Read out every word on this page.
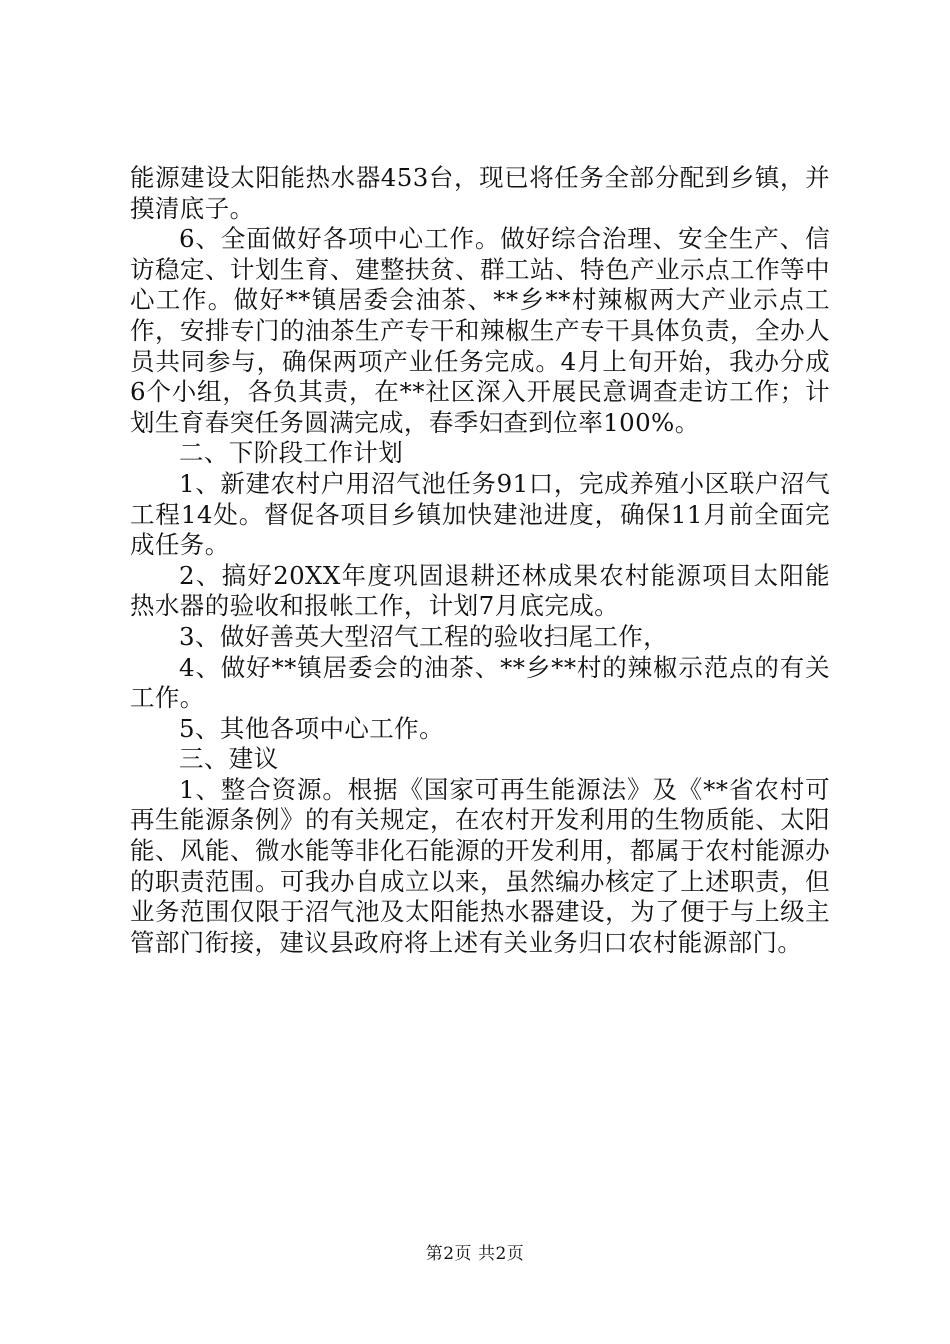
能源建设太阳能热水器453台，现已将任务全部分配到乡镇，并摸清底子。

6、全面做好各项中心工作。做好综合治理、安全生产、信访稳定、计划生育、建整扶贫、群工站、特色产业示点工作等中心工作。做好**镇居委会油茶、**乡**村辣椒两大产业示点工作，安排专门的油茶生产专干和辣椒生产专干具体负责，全办人员共同参与，确保两项产业任务完成。4月上旬开始，我办分成6个小组，各负其责，在**社区深入开展民意调查走访工作；计划生育春突任务圆满完成，春季妇查到位率100%。

二、下阶段工作计划

1、新建农村户用沼气池任务91口，完成养殖小区联户沼气工程14处。督促各项目乡镇加快建池进度，确保11月前全面完成任务。

2、搞好20XX年度巩固退耕还林成果农村能源项目太阳能热水器的验收和报帐工作，计划7月底完成。

3、做好善英大型沼气工程的验收扫尾工作，

4、做好**镇居委会的油茶、**乡**村的辣椒示范点的有关工作。

5、其他各项中心工作。

三、建议

1、整合资源。根据《国家可再生能源法》及《**省农村可再生能源条例》的有关规定，在农村开发利用的生物质能、太阳能、风能、微水能等非化石能源的开发利用，都属于农村能源办的职责范围。可我办自成立以来，虽然编办核定了上述职责，但业务范围仅限于沼气池及太阳能热水器建设，为了便于与上级主管部门衔接，建议县政府将上述有关业务归口农村能源部门。

第2页 共2页
